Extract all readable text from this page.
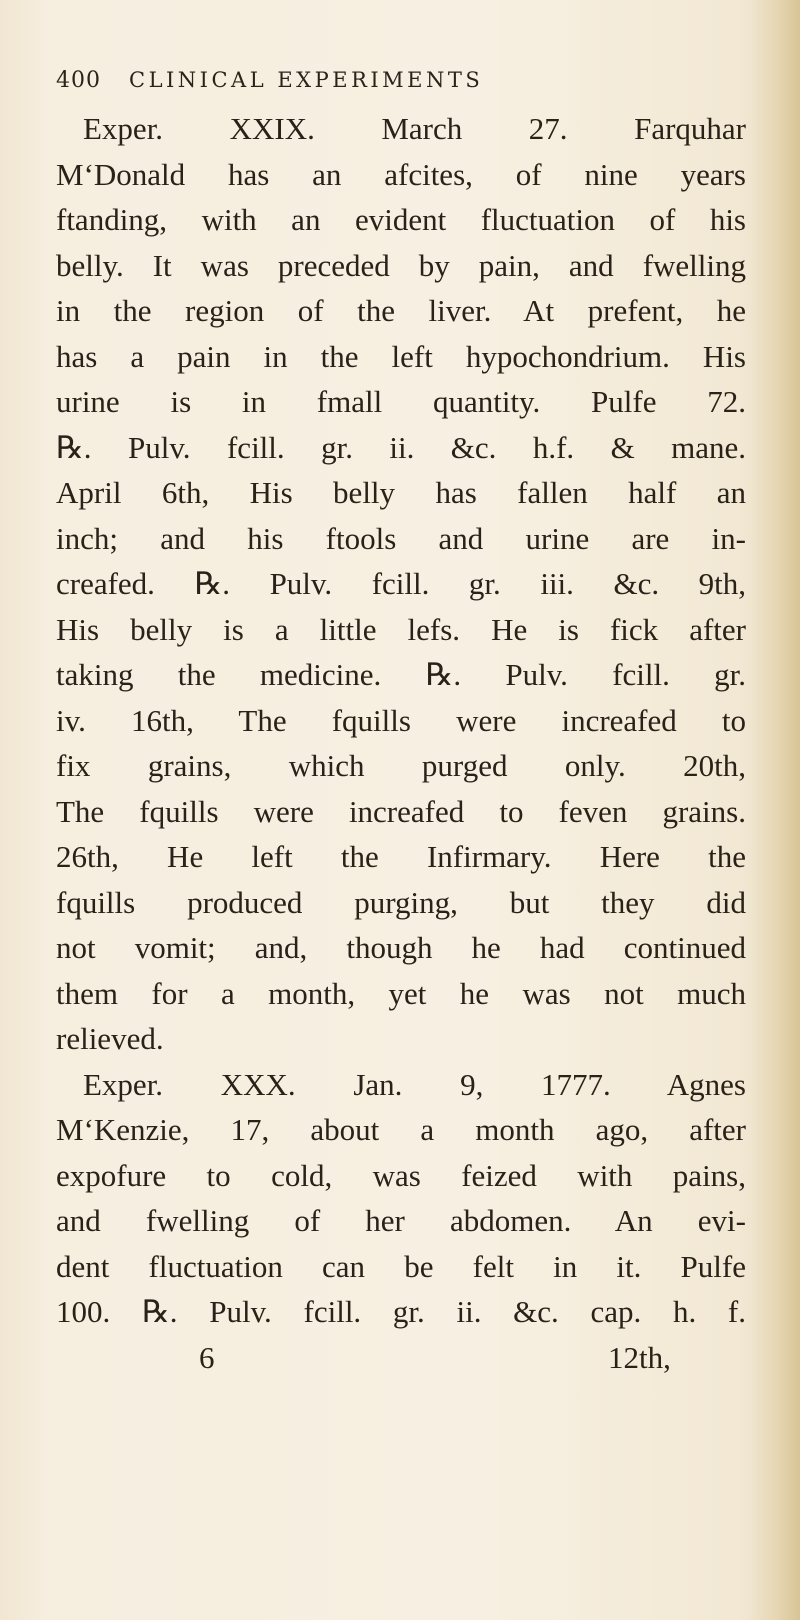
400 CLINICAL EXPERIMENTS
Exper. XXIX. March 27. Farquhar
M‘Donald has an afcites, of nine years
ftanding, with an evident fluctuation of his
belly. It was preceded by pain, and fwelling
in the region of the liver. At prefent, he
has a pain in the left hypochondrium. His
urine is in fmall quantity. Pulfe 72.
℞. Pulv. fcill. gr. ii. &c. h.f. & mane.
April 6th, His belly has fallen half an
inch; and his ftools and urine are in-
creafed. ℞. Pulv. fcill. gr. iii. &c. 9th,
His belly is a little lefs. He is fick after
taking the medicine. ℞. Pulv. fcill. gr.
iv. 16th, The fquills were increafed to
fix grains, which purged only. 20th,
The fquills were increafed to feven grains.
26th, He left the Infirmary. Here the
fquills produced purging, but they did
not vomit; and, though he had continued
them for a month, yet he was not much
relieved.
Exper. XXX. Jan. 9, 1777. Agnes
M‘Kenzie, 17, about a month ago, after
expofure to cold, was feized with pains,
and fwelling of her abdomen. An evi-
dent fluctuation can be felt in it. Pulfe
100. ℞. Pulv. fcill. gr. ii. &c. cap. h. f.
6	12th,
